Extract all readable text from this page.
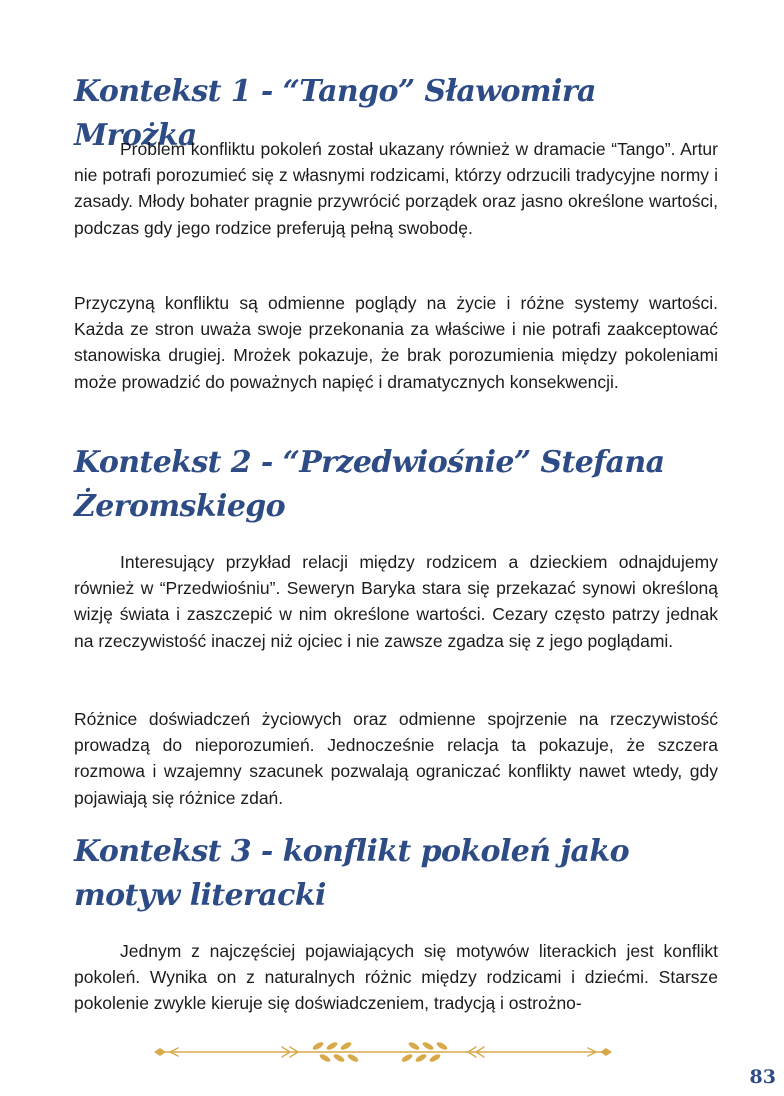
Kontekst 1 - “Tango” Sławomira Mrożka

Problem konfliktu pokoleń został ukazany również w dramacie “Tango”. Artur nie potrafi porozumieć się z własnymi rodzicami, którzy odrzucili tradycyjne normy i zasady. Młody bohater pragnie przywrócić porządek oraz jasno określone wartości, podczas gdy jego rodzice preferują pełną swobodę.

Przyczyną konfliktu są odmienne poglądy na życie i różne systemy wartości. Każda ze stron uważa swoje przekonania za właściwe i nie potrafi zaakceptować stanowiska drugiej. Mrożek pokazuje, że brak porozumienia między pokoleniami może prowadzić do poważnych napięć i dramatycznych konsekwencji.

Kontekst 2 - “Przedwiośnie” Stefana Żeromskiego

Interesujący przykład relacji między rodzicem a dzieckiem odnajdujemy również w “Przedwiośniu”. Seweryn Baryka stara się przekazać synowi określoną wizję świata i zaszczepić w nim określone wartości. Cezary często patrzy jednak na rzeczywistość inaczej niż ojciec i nie zawsze zgadza się z jego poglądami.

Różnice doświadczeń życiowych oraz odmienne spojrzenie na rzeczywistość prowadzą do nieporozumień. Jednocześnie relacja ta pokazuje, że szczera rozmowa i wzajemny szacunek pozwalają ograniczać konflikty nawet wtedy, gdy pojawiają się różnice zdań.

Kontekst 3 - konflikt pokoleń jako motyw literacki

Jednym z najczęściej pojawiających się motywów literackich jest konflikt pokoleń. Wynika on z naturalnych różnic między rodzicami i dziećmi. Starsze pokolenie zwykle kieruje się doświadczeniem, tradycją i ostrożno-

83
